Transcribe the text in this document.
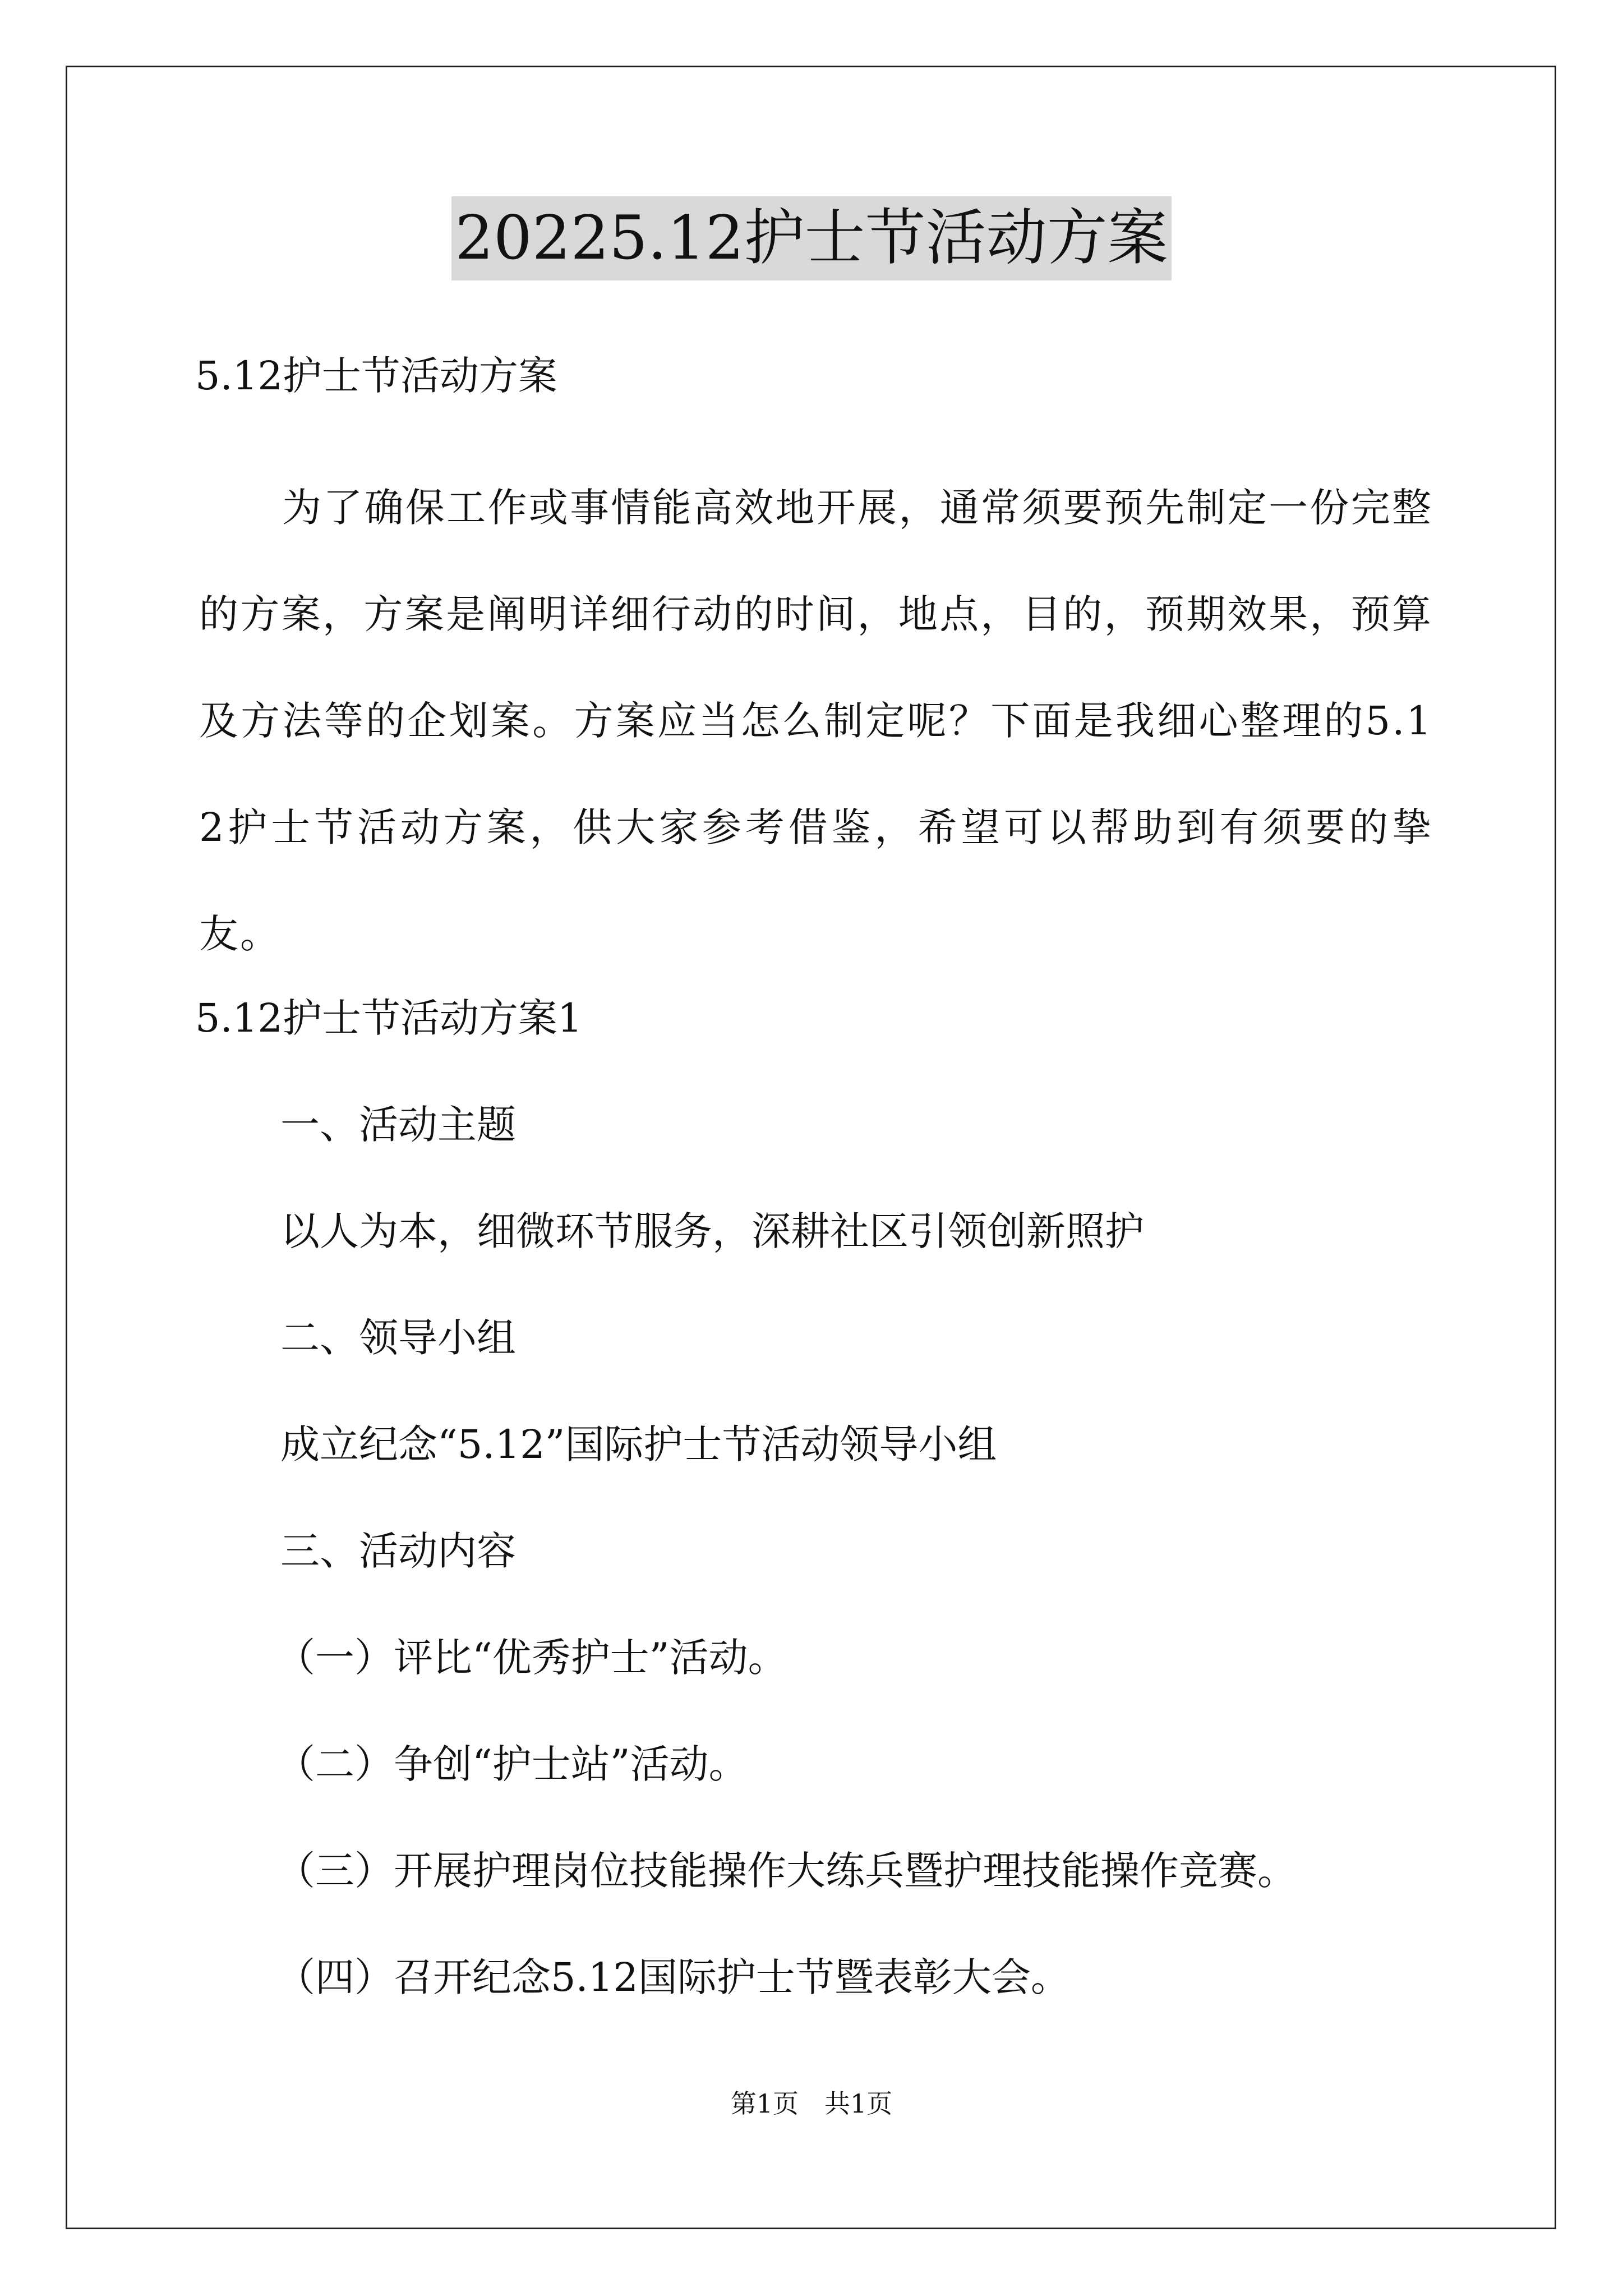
20225.12护士节活动方案
5.12护士节活动方案
为了确保工作或事情能高效地开展，通常须要预先制定一份完整的方案，方案是阐明详细行动的时间，地点，目的，预期效果，预算及方法等的企划案。方案应当怎么制定呢？下面是我细心整理的5.12护士节活动方案，供大家参考借鉴，希望可以帮助到有须要的挚友。
5.12护士节活动方案1
一、活动主题
以人为本，细微环节服务，深耕社区引领创新照护
二、领导小组
成立纪念“5.12”国际护士节活动领导小组
三、活动内容
（一）评比“优秀护士”活动。
（二）争创“护士站”活动。
（三）开展护理岗位技能操作大练兵暨护理技能操作竞赛。
（四）召开纪念5.12国际护士节暨表彰大会。
第1页　共1页
